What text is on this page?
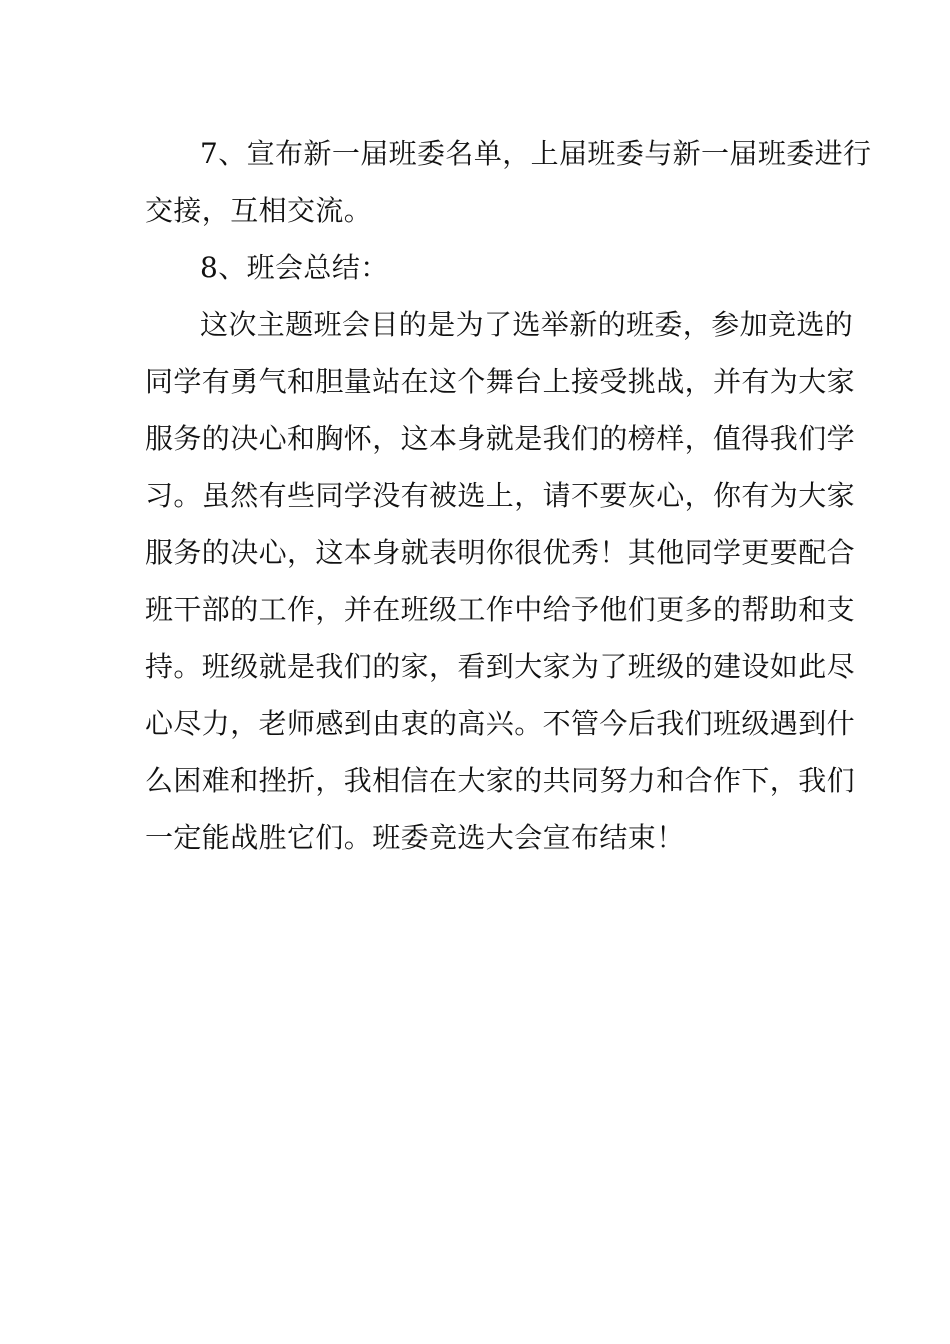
7、宣布新一届班委名单，上届班委与新一届班委进行
交接，互相交流。

8、班会总结：

这次主题班会目的是为了选举新的班委，参加竞选的
同学有勇气和胆量站在这个舞台上接受挑战，并有为大家
服务的决心和胸怀，这本身就是我们的榜样，值得我们学
习。虽然有些同学没有被选上，请不要灰心，你有为大家
服务的决心，这本身就表明你很优秀！其他同学更要配合
班干部的工作，并在班级工作中给予他们更多的帮助和支
持。班级就是我们的家，看到大家为了班级的建设如此尽
心尽力，老师感到由衷的高兴。不管今后我们班级遇到什
么困难和挫折，我相信在大家的共同努力和合作下，我们
一定能战胜它们。班委竞选大会宣布结束！
